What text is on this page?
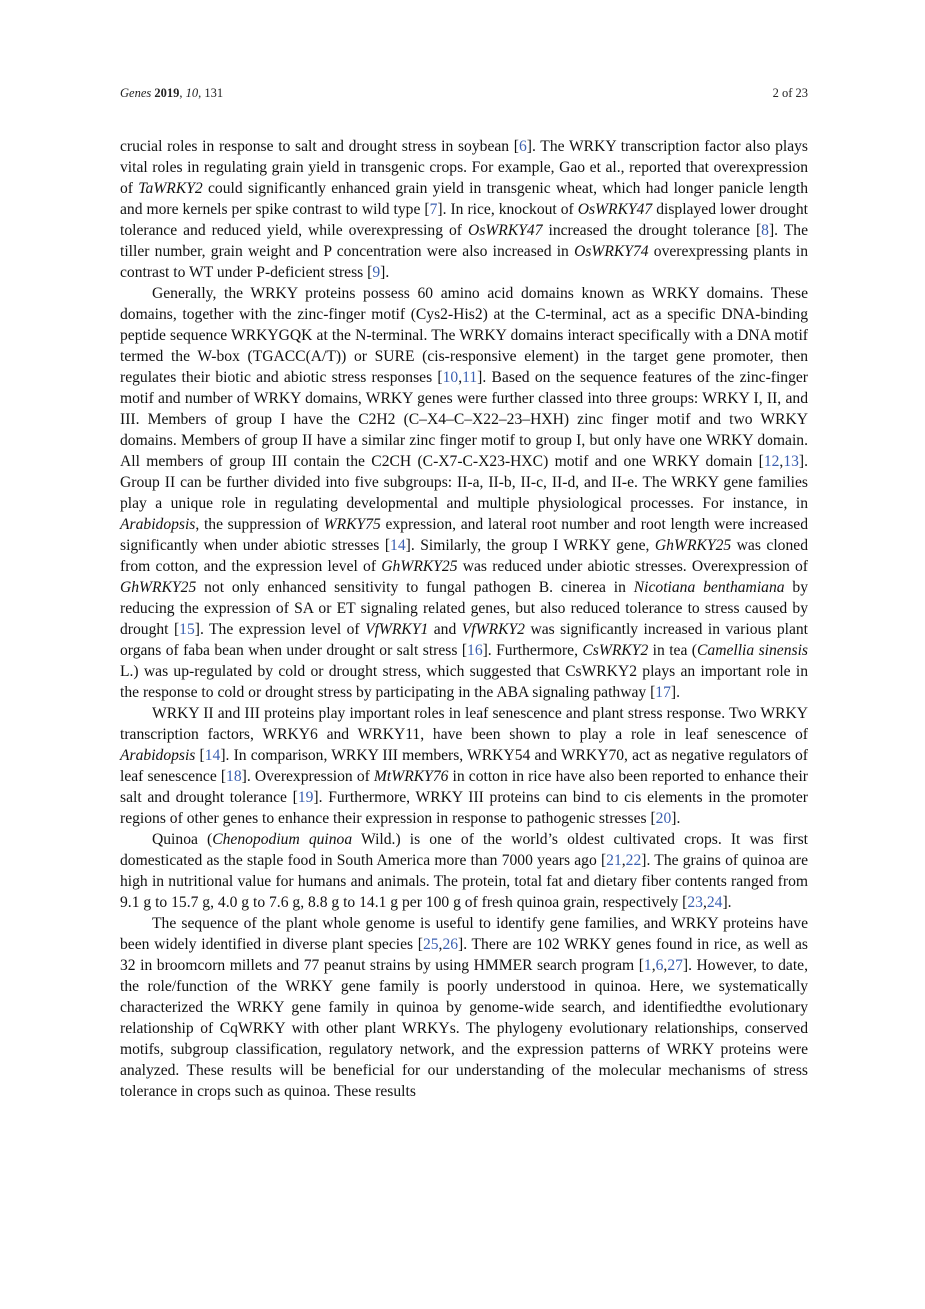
Genes 2019, 10, 131	2 of 23

crucial roles in response to salt and drought stress in soybean [6]. The WRKY transcription factor also plays vital roles in regulating grain yield in transgenic crops. For example, Gao et al., reported that overexpression of TaWRKY2 could significantly enhanced grain yield in transgenic wheat, which had longer panicle length and more kernels per spike contrast to wild type [7]. In rice, knockout of OsWRKY47 displayed lower drought tolerance and reduced yield, while overexpressing of OsWRKY47 increased the drought tolerance [8]. The tiller number, grain weight and P concentration were also increased in OsWRKY74 overexpressing plants in contrast to WT under P-deficient stress [9].

Generally, the WRKY proteins possess 60 amino acid domains known as WRKY domains. These domains, together with the zinc-finger motif (Cys2-His2) at the C-terminal, act as a specific DNA-binding peptide sequence WRKYGQK at the N-terminal. The WRKY domains interact specifically with a DNA motif termed the W-box (TGACC(A/T)) or SURE (cis-responsive element) in the target gene promoter, then regulates their biotic and abiotic stress responses [10,11]. Based on the sequence features of the zinc-finger motif and number of WRKY domains, WRKY genes were further classed into three groups: WRKY I, II, and III. Members of group I have the C2H2 (C–X4–C–X22–23–HXH) zinc finger motif and two WRKY domains. Members of group II have a similar zinc finger motif to group I, but only have one WRKY domain. All members of group III contain the C2CH (C-X7-C-X23-HXC) motif and one WRKY domain [12,13]. Group II can be further divided into five subgroups: II-a, II-b, II-c, II-d, and II-e. The WRKY gene families play a unique role in regulating developmental and multiple physiological processes. For instance, in Arabidopsis, the suppression of WRKY75 expression, and lateral root number and root length were increased significantly when under abiotic stresses [14]. Similarly, the group I WRKY gene, GhWRKY25 was cloned from cotton, and the expression level of GhWRKY25 was reduced under abiotic stresses. Overexpression of GhWRKY25 not only enhanced sensitivity to fungal pathogen B. cinerea in Nicotiana benthamiana by reducing the expression of SA or ET signaling related genes, but also reduced tolerance to stress caused by drought [15]. The expression level of VfWRKY1 and VfWRKY2 was significantly increased in various plant organs of faba bean when under drought or salt stress [16]. Furthermore, CsWRKY2 in tea (Camellia sinensis L.) was up-regulated by cold or drought stress, which suggested that CsWRKY2 plays an important role in the response to cold or drought stress by participating in the ABA signaling pathway [17].

WRKY II and III proteins play important roles in leaf senescence and plant stress response. Two WRKY transcription factors, WRKY6 and WRKY11, have been shown to play a role in leaf senescence of Arabidopsis [14]. In comparison, WRKY III members, WRKY54 and WRKY70, act as negative regulators of leaf senescence [18]. Overexpression of MtWRKY76 in cotton in rice have also been reported to enhance their salt and drought tolerance [19]. Furthermore, WRKY III proteins can bind to cis elements in the promoter regions of other genes to enhance their expression in response to pathogenic stresses [20].

Quinoa (Chenopodium quinoa Wild.) is one of the world’s oldest cultivated crops. It was first domesticated as the staple food in South America more than 7000 years ago [21,22]. The grains of quinoa are high in nutritional value for humans and animals. The protein, total fat and dietary fiber contents ranged from 9.1 g to 15.7 g, 4.0 g to 7.6 g, 8.8 g to 14.1 g per 100 g of fresh quinoa grain, respectively [23,24].

The sequence of the plant whole genome is useful to identify gene families, and WRKY proteins have been widely identified in diverse plant species [25,26]. There are 102 WRKY genes found in rice, as well as 32 in broomcorn millets and 77 peanut strains by using HMMER search program [1,6,27]. However, to date, the role/function of the WRKY gene family is poorly understood in quinoa. Here, we systematically characterized the WRKY gene family in quinoa by genome-wide search, and identifiedthe evolutionary relationship of CqWRKY with other plant WRKYs. The phylogeny evolutionary relationships, conserved motifs, subgroup classification, regulatory network, and the expression patterns of WRKY proteins were analyzed. These results will be beneficial for our understanding of the molecular mechanisms of stress tolerance in crops such as quinoa. These results
